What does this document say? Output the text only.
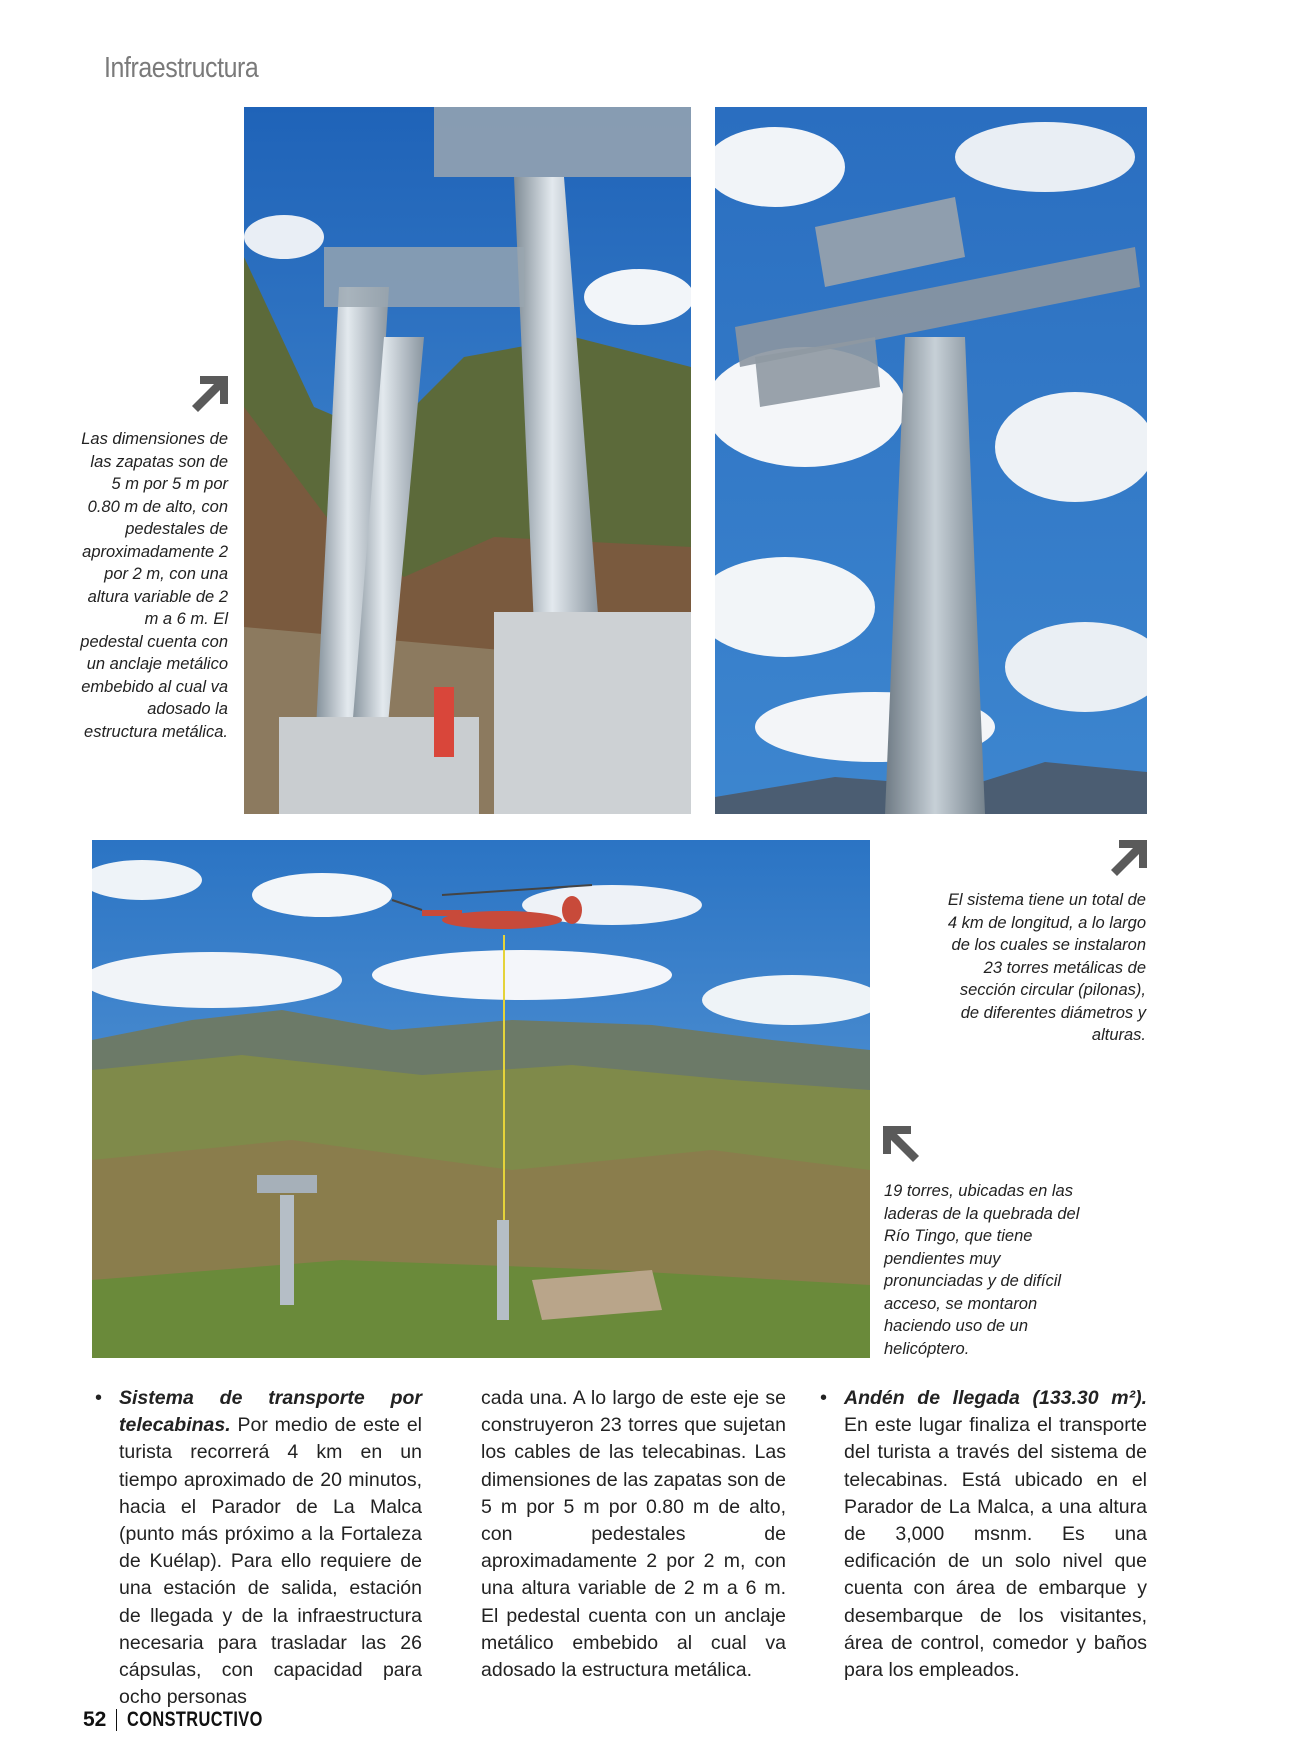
Infraestructura
Las dimensiones de las zapatas son de 5 m por 5 m por 0.80 m de alto, con pedestales de aproximadamente 2 por 2 m, con una altura variable de 2 m a 6 m. El pedestal cuenta con un anclaje metálico embebido al cual va adosado la estructura metálica.
El sistema tiene un total de 4 km de longitud, a lo largo de los cuales se instalaron 23 torres metálicas de sección circular (pilonas), de diferentes diámetros y alturas.
19 torres, ubicadas en las laderas de la quebrada del Río Tingo, que tiene pendientes muy pronunciadas y de difícil acceso, se montaron haciendo uso de un helicóptero.
• Sistema de transporte por telecabinas. Por medio de este el turista recorrerá 4 km en un tiempo aproximado de 20 minutos, hacia el Parador de La Malca (punto más próximo a la Fortaleza de Kuélap). Para ello requiere de una estación de salida, estación de llegada y de la infraestructura necesaria para trasladar las 26 cápsulas, con capacidad para ocho personas
cada una. A lo largo de este eje se construyeron 23 torres que sujetan los cables de las telecabinas. Las dimensiones de las zapatas son de 5 m por 5 m por 0.80 m de alto, con pedestales de aproximadamente 2 por 2 m, con una altura variable de 2 m a 6 m. El pedestal cuenta con un anclaje metálico embebido al cual va adosado la estructura metálica.
• Andén de llegada (133.30 m²). En este lugar finaliza el transporte del turista a través del sistema de telecabinas. Está ubicado en el Parador de La Malca, a una altura de 3,000 msnm. Es una edificación de un solo nivel que cuenta con área de embarque y desembarque de los visitantes, área de control, comedor y baños para los empleados.
52 CONSTRUCTIVO
